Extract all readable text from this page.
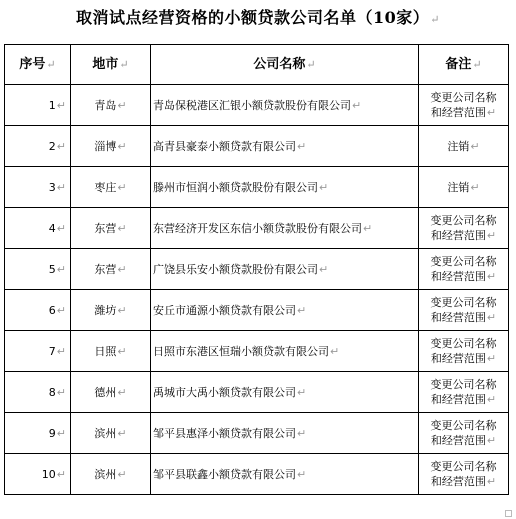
取消试点经营资格的小额贷款公司名单（10家）↵
序号↵	地市↵	公司名称↵	备注↵
1↵	青岛↵	青岛保税港区汇银小额贷款股份有限公司↵	变更公司名称
和经营范围↵

2↵	淄博↵	高青县豪泰小额贷款有限公司↵	注销↵

3↵	枣庄↵	滕州市恒润小额贷款股份有限公司↵	注销↵

4↵	东营↵	东营经济开发区东信小额贷款股份有限公司↵	变更公司名称
和经营范围↵

5↵	东营↵	广饶县乐安小额贷款股份有限公司↵	变更公司名称
和经营范围↵

6↵	潍坊↵	安丘市通源小额贷款有限公司↵	变更公司名称
和经营范围↵

7↵	日照↵	日照市东港区恒瑞小额贷款有限公司↵	变更公司名称
和经营范围↵

8↵	德州↵	禹城市大禹小额贷款有限公司↵	变更公司名称
和经营范围↵

9↵	滨州↵	邹平县惠泽小额贷款有限公司↵	变更公司名称
和经营范围↵

10↵	滨州↵	邹平县联鑫小额贷款有限公司↵	变更公司名称
和经营范围↵
